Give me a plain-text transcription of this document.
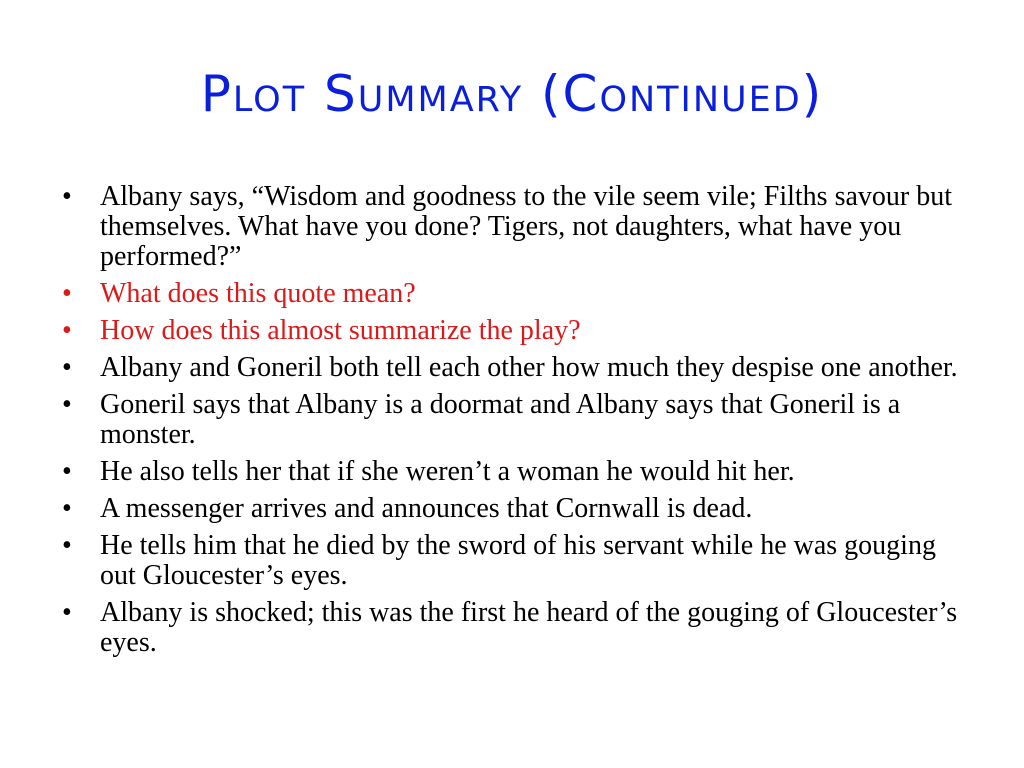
Plot Summary (Continued)
•	Albany says, “Wisdom and goodness to the vile seem vile; Filths savour but themselves. What have you done? Tigers, not daughters, what have you performed?”
•	What does this quote mean?
•	How does this almost summarize the play?
•	Albany and Goneril both tell each other how much they despise one another.
•	Goneril says that Albany is a doormat and Albany says that Goneril is a monster.
•	He also tells her that if she weren’t a woman he would hit her.
•	A messenger arrives and announces that Cornwall is dead.
•	He tells him that he died by the sword of his servant while he was gouging out Gloucester’s eyes.
•	Albany is shocked; this was the first he heard of the gouging of Gloucester’s eyes.
